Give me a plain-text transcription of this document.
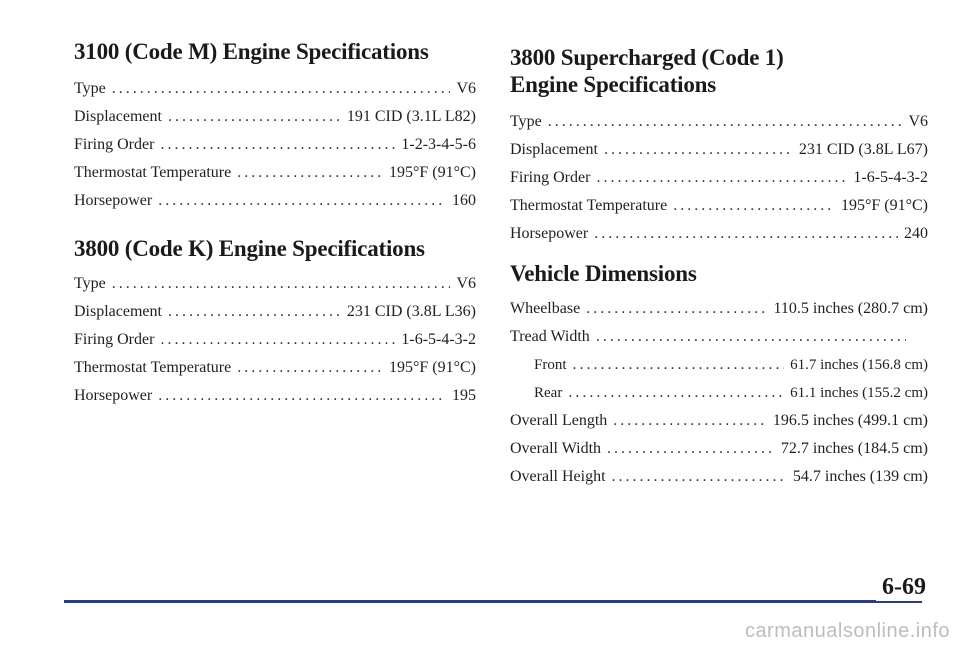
3100 (Code M) Engine Specifications
Type .....	V6
Displacement .....	191 CID (3.1L L82)
Firing Order .....	1-2-3-4-5-6
Thermostat Temperature .....	195°F (91°C)
Horsepower .....	160
3800 (Code K) Engine Specifications
Type .....	V6
Displacement .....	231 CID (3.8L L36)
Firing Order .....	1-6-5-4-3-2
Thermostat Temperature .....	195°F (91°C)
Horsepower .....	195
3800 Supercharged (Code 1)
Engine Specifications
Type .....	V6
Displacement .....	231 CID (3.8L L67)
Firing Order .....	1-6-5-4-3-2
Thermostat Temperature .....	195°F (91°C)
Horsepower .....	240
Vehicle Dimensions
Wheelbase .....	110.5 inches (280.7 cm)
Tread Width
.....
Front .....	61.7 inches (156.8 cm)
Rear .....	61.1 inches (155.2 cm)
Overall Length .....	196.5 inches (499.1 cm)
Overall Width .....	72.7 inches (184.5 cm)
Overall Height .....	54.7 inches (139 cm)
6-69
carmanualsonline.info
